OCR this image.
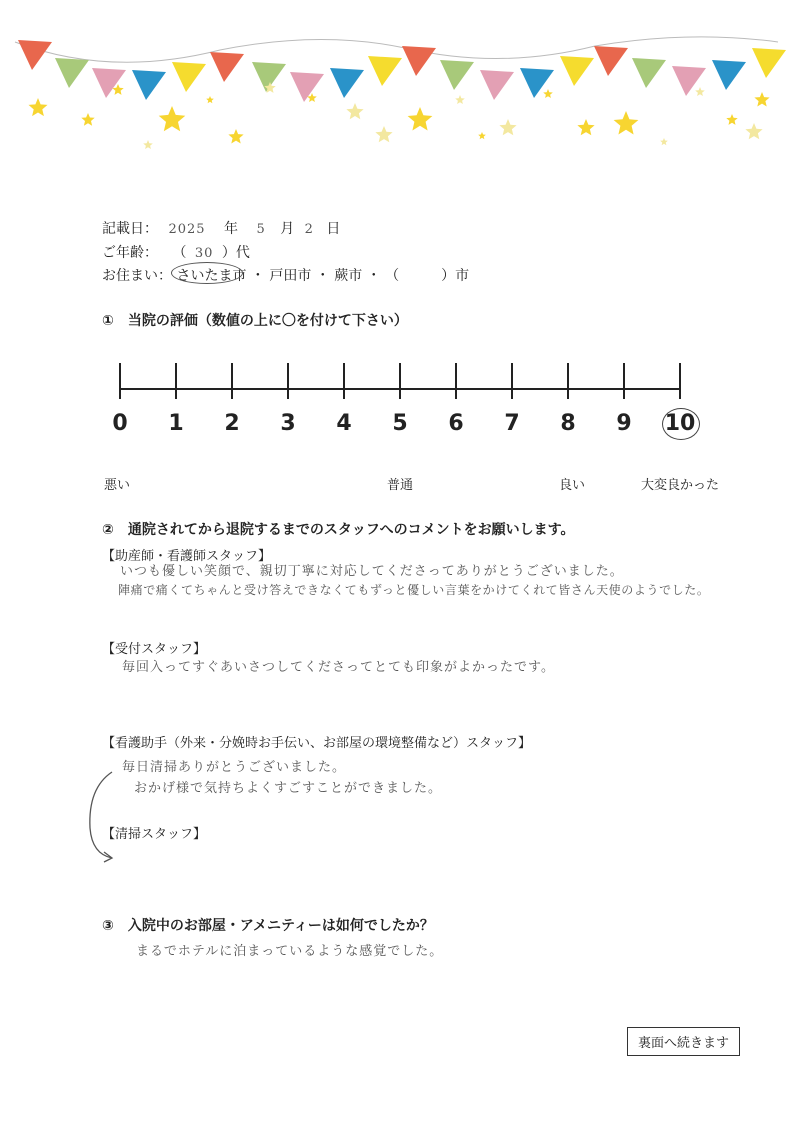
記載日： 2025 年 5 月 2 日
ご年齢： （ 30 ）代
お住まい： さいたま市 ・ 戸田市 ・ 蕨市 ・ （　　　）市
①　当院の評価（数値の上に〇を付けて下さい）
0	1	2	3	4	5	6	7	8	9	10
悪い	普通	良い	大変良かった
②　通院されてから退院するまでのスタッフへのコメントをお願いします。
【助産師・看護師スタッフ】
いつも優しい笑顔で、親切丁寧に対応してくださってありがとうございました。
陣痛で痛くてちゃんと受け答えできなくてもずっと優しい言葉をかけてくれて皆さん天使のようでした。
【受付スタッフ】
毎回入ってすぐあいさつしてくださってとても印象がよかったです。
【看護助手（外来・分娩時お手伝い、お部屋の環境整備など）スタッフ】
毎日清掃ありがとうございました。
おかげ様で気持ちよくすごすことができました。
【清掃スタッフ】
③　入院中のお部屋・アメニティーは如何でしたか？
まるでホテルに泊まっているような感覚でした。
裏面へ続きます
